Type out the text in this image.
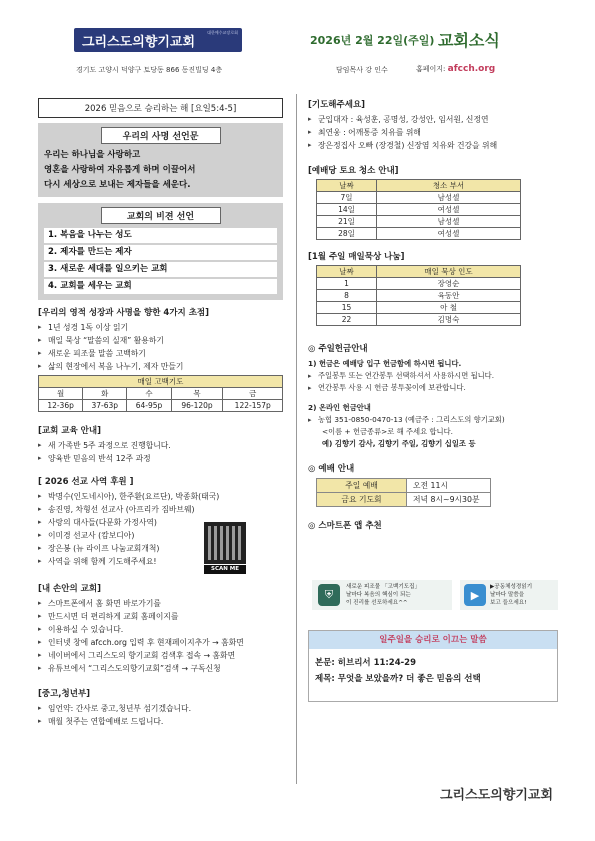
그리스도의향기교회
대한예수교장로회
2026년 2월 22일(주일) 교회소식
경기도 고양시 덕양구 토당동 866 동진빌딩 4층	담임목사 강 인수	홈페이지: afcch.org
2026 믿음으로 승리하는 해 [요일5:4-5]
우리의 사명 선언문
우리는 하나님을 사랑하고
영혼을 사랑하여 자유롭게 하며 이끌어서
다시 세상으로 보내는 제자들을 세운다.
교회의 비젼 선언
1. 복음을 나누는 성도
2. 제자를 만드는 제자
3. 새로운 세대를 일으키는 교회
4. 교회를 세우는 교회
[우리의 영적 성장과 사명을 향한 4가지 초점]
▸ 1년 성경 1독 이상 읽기
▸ 매일 묵상 “말씀의 실재” 활용하기
▸ 새로운 피조물 말씀 고백하기
▸ 삶의 현장에서 복음 나누기, 제자 만들기
매일 고백기도				
월	화	수	목	금
12-36p	37-63p	64-95p	96-120p	122-157p
[교회 교육 안내]
▸ 새 가족반 5주 과정으로 진행합니다.
▸ 양육반 믿음의 반석 12주 과정
[ 2026 선교 사역 후원 ]
▸ 박명수(인도네시아), 한주환(요르단), 박종화(태국)
▸ 송진영, 차형선 선교사 (아프리카 짐바브웨)
▸ 사랑의 대사들(다문화 가정사역)
▸ 이미경 선교사 (캄보디아)
▸ 장은봉 (뉴 라이프 나눔교회개척)
▸ 사역을 위해 함께 기도해주세요!
[내 손안의 교회]
▸ 스마트폰에서 홈 화면 바로가기를
▸ 만드시면 더 편리하게 교회 홈페이지를
▸ 이용하실 수 있습니다.
▸ 인터넷 창에 afcch.org 입력 후 현재페이지추가 → 홈화면
▸ 네이버에서 그리스도의 향기교회 검색후 접속 → 홈화면
▸ 유튜브에서 “그리스도의향기교회”검색 → 구독신청
[중고,청년부]
▸ 임언약: 간사로 중고,청년부 섬기겠습니다.
▸ 매월 첫주는 연합예배로 드립니다.
SCAN ME
[기도해주세요]
▸ 군입대자 : 육성훈, 공명성, 강성안, 임서원, 신정연
▸ 최연웅 : 어깨통증 치유를 위해
▸ 장은정집사 오빠 (장경철) 신장염 치유와 건강을 위해
[예배당 토요 청소 안내]
날짜	청소 부서
7일	남성셀
14일	여성셀
21일	남성셀
28일	여성셀
[1월 주일 매일묵상 나눔]
날짜	매일 묵상 인도
1	장영순
8	육동안
15	아 철
22	김명숙
◎ 주일헌금안내
1) 헌금은 예배당 입구 헌금함에 하시면 됩니다.
▸ 주일봉투 또는 연간봉투 선택하셔서 사용하시면 됩니다.
▸ 연간봉투 사용 시 헌금 봉투꽂이에 보관합니다.
2) 온라인 헌금안내
▸ 농협 351-0850-0470-13 (예금주 : 그리스도의 향기교회)
<이름 + 헌금종류>로 해 주세요 합니다.
예) 김향기 감사, 김향기 주일, 김향기 십일조 등
◎ 예배 안내
주일 예배	오전 11시
금요 기도회	저녁 8시~9시30분
◎ 스마트폰 앱 추천
⛨
새로운 피조물 「고백기도집」
날마다 복음의 핵심이 되는
이 진리를 선포하세요^^
▶
▶공동체성경읽기
날마다 말씀을
보고 들으세요!
일주일을 승리로 이끄는 말씀
본문: 히브리서 11:24-29
제목: 무엇을 보았을까? 더 좋은 믿음의 선택
그리스도의향기교회
